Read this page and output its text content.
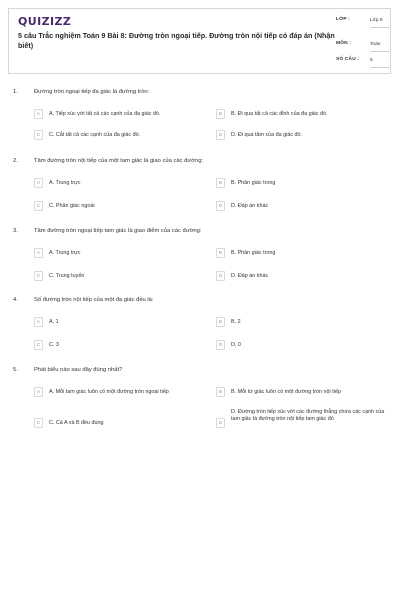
QUIZIZZ
5 câu Trắc nghiệm Toán 9 Bài 8: Đường tròn ngoại tiếp. Đường tròn nội tiếp có đáp án (Nhận biết)
LỚP :	Lớp 9
MÔN :	Toán
SỐ CÂU : 5
1.	Đường tròn ngoại tiếp đa giác là đường tròn:
A	A. Tiếp xúc với tất cả các cạnh của đa giác đó.	B	B. Đi qua tất cả các đỉnh của đa giác đó.
C	C. Cắt tất cả các cạnh của đa giác đó.	D	D. Đi qua tâm của đa giác đó.
2.	Tâm đường tròn nội tiếp của một tam giác là giao của các đường:
A	A. Trung trực	B	B. Phân giác trong
C	C. Phân giác ngoài	D	D. Đáp án khác
3.	Tâm đường tròn ngoại tiếp tam giác là giao điểm của các đường:
A	A. Trung trực	B	B. Phân giác trong
C	C. Trung tuyến	D	D. Đáp án khác
4.	Số đường tròn nội tiếp của một đa giác đều là:
A	A. 1	B	B. 2
C	C. 3	D	D. 0
5.	Phát biểu nào sau đây đúng nhất?
A	A. Mỗi tam giác luôn có một đường tròn ngoại tiếp	B	B. Mỗi tứ giác luôn có một đường tròn nội tiếp
C	C. Cả A và B đều đúng	D
D. Đường tròn tiếp xúc với các đường thẳng chứa các cạnh của tam giác là đường tròn nội tiếp tam giác đó
